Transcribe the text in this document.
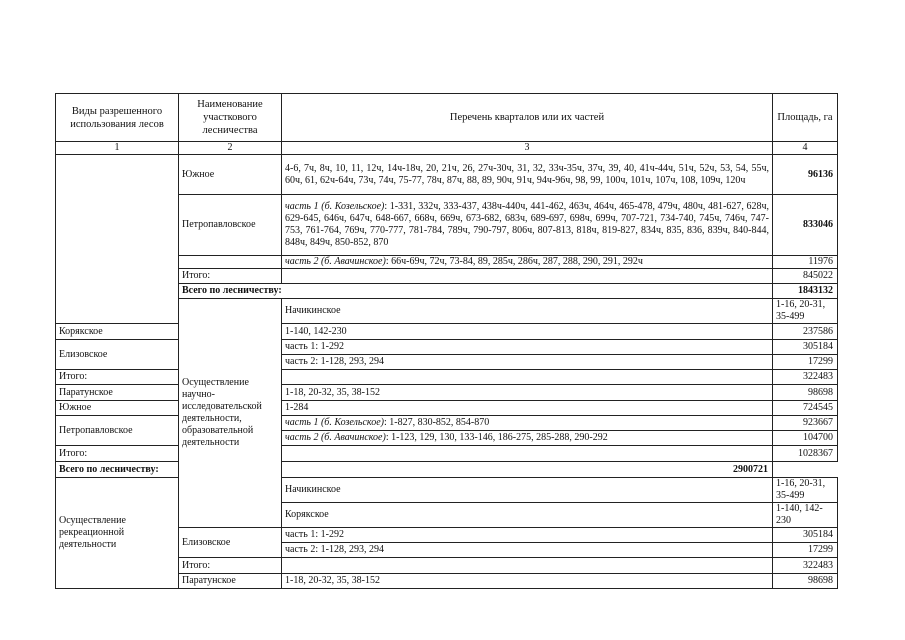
Виды разрешенного использования лесов	Наименование участкового лесничества	Перечень кварталов или их частей	Площадь, га	
1	2	3	4	
	Южное	4-6, 7ч, 8ч, 10, 11, 12ч, 14ч-18ч, 20, 21ч, 26, 27ч-30ч, 31, 32, 33ч-35ч, 37ч, 39, 40, 41ч-44ч, 51ч, 52ч, 53, 54, 55ч, 60ч, 61, 62ч-64ч, 73ч, 74ч, 75-77, 78ч, 87ч, 88, 89, 90ч, 91ч, 94ч-96ч, 98, 99, 100ч, 101ч, 107ч, 108, 109ч, 120ч	96136	
	Петропавловское	часть 1 (б. Козельское): 1-331, 332ч, 333-437, 438ч-440ч, 441-462, 463ч, 464ч, 465-478, 479ч, 480ч, 481-627, 628ч, 629-645, 646ч, 647ч, 648-667, 668ч, 669ч, 673-682, 683ч, 689-697, 698ч, 699ч, 707-721, 734-740, 745ч, 746ч, 747-753, 761-764, 769ч, 770-777, 781-784, 789ч, 790-797, 806ч, 807-813, 818ч, 819-827, 834ч, 835, 836, 839ч, 840-844, 848ч, 849ч, 850-852, 870	833046	
		часть 2 (б. Авачинское): 66ч-69ч, 72ч, 73-84, 89, 285ч, 286ч, 287, 288, 290, 291, 292ч	11976	
	Итого:		845022	
	Всего по лесничеству:		1843132	
	Осуществление научно-исследовательской деятельности, образовательной деятельности	Начикинское	1-16, 20-31, 35-499	
Корякское		1-140, 142-230	237586	
Елизовское		часть 1: 1-292	305184	
		часть 2: 1-128, 293, 294	17299	
Итого:			322483	
Паратунское		1-18, 20-32, 35, 38-152	98698	
Южное		1-284	724545	
Петропавловское		часть 1 (б. Козельское): 1-827, 830-852, 854-870	923667	
		часть 2 (б. Авачинское): 1-123, 129, 130, 133-146, 186-275, 285-288, 290-292	104700	
Итого:			1028367	
Всего по лесничеству:		2900721		
Осуществление рекреационной деятельности		Начикинское	1-16, 20-31, 35-499	
		Корякское	1-140, 142-230	
	Елизовское	часть 1: 1-292	305184	
		часть 2: 1-128, 293, 294	17299	
	Итого:		322483	
	Паратунское	1-18, 20-32, 35, 38-152	98698	
